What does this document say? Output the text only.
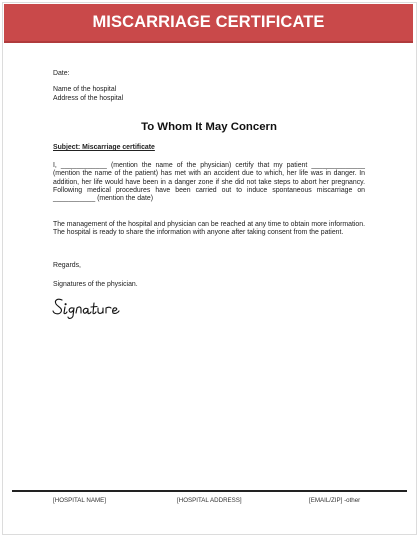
MISCARRIAGE CERTIFICATE
Date:
Name of the hospital
Address of the hospital
To Whom It May Concern
Subject: Miscarriage certificate
I, ____________ (mention the name of the physician) certify that my patient ______________ (mention the name of the patient) has met with an accident due to which, her life was in danger. In addition, her life would have been in a danger zone if she did not take steps to abort her pregnancy. Following medical procedures have been carried out to induce spontaneous miscarriage on ___________ (mention the date)
The management of the hospital and physician can be reached at any time to obtain more information. The hospital is ready to share the information with anyone after taking consent from the patient.
Regards,
Signatures of the physician.
[HOSPITAL NAME]	[HOSPITAL ADDRESS]	[EMAIL/ZIP] -other
